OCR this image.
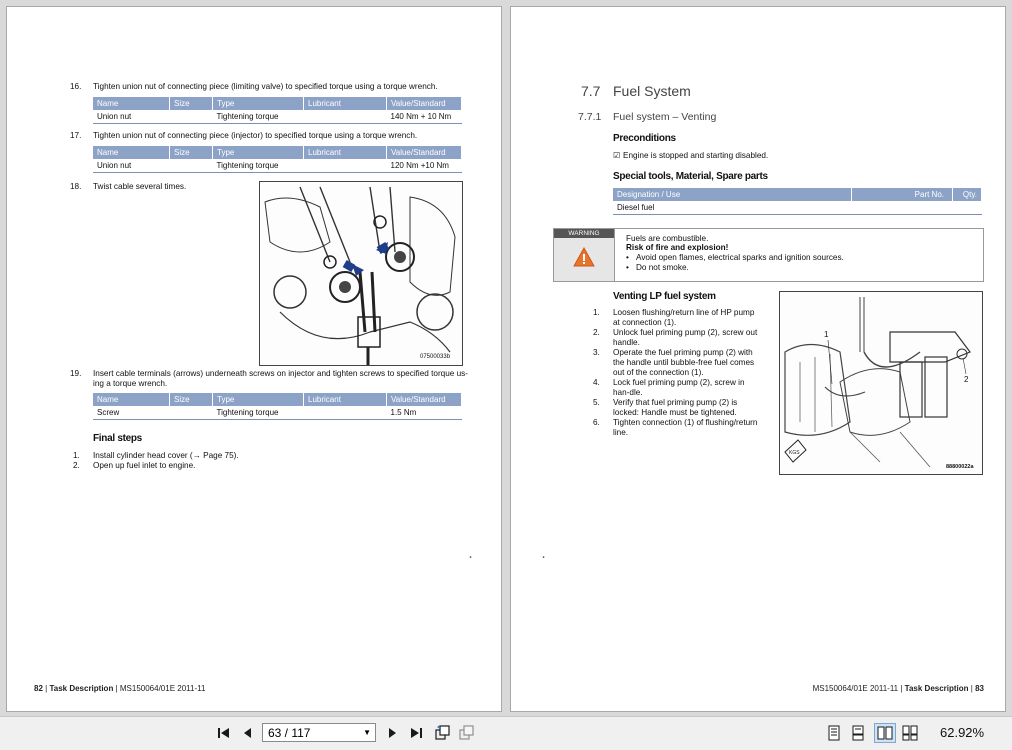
16. Tighten union nut of connecting piece (limiting valve) to specified torque using a torque wrench.
Name	Size	Type	Lubricant	Value/Standard
Union nut		Tightening torque		140 Nm + 10 Nm
17. Tighten union nut of connecting piece (injector) to specified torque using a torque wrench.
Name	Size	Type	Lubricant	Value/Standard
Union nut		Tightening torque		120 Nm +10 Nm
18. Twist cable several times.
07500033b
19. Insert cable terminals (arrows) underneath screws on injector and tighten screws to specified torque us-
ing a torque wrench.
Name	Size	Type	Lubricant	Value/Standard
Screw		Tightening torque		1.5 Nm
Final steps
1. Install cylinder head cover (→ Page 75).
2. Open up fuel inlet to engine.
●
82 | Task Description | MS150064/01E 2011-11
7.7 Fuel System
7.7.1 Fuel system – Venting
Preconditions
☑ Engine is stopped and starting disabled.
Special tools, Material, Spare parts
Designation / Use	Part No.	Qty.
Diesel fuel		
WARNING
Fuels are combustible.
Risk of fire and explosion!
• Avoid open flames, electrical sparks and ignition sources.
• Do not smoke.
Venting LP fuel system
1. Loosen flushing/return line of HP pump at connection (1).
2. Unlock fuel priming pump (2), screw out handle.
3. Operate the fuel priming pump (2) with the handle until bubble-free fuel comes out of the connection (1).
4. Lock fuel priming pump (2), screw in han-dle.
5. Verify that fuel priming pump (2) is locked: Handle must be tightened.
6. Tighten connection (1) of flushing/return line.
KGS
1
2
88800022a
●
MS150064/01E 2011-11 | Task Description | 83
63 / 117	▼	62.92%
